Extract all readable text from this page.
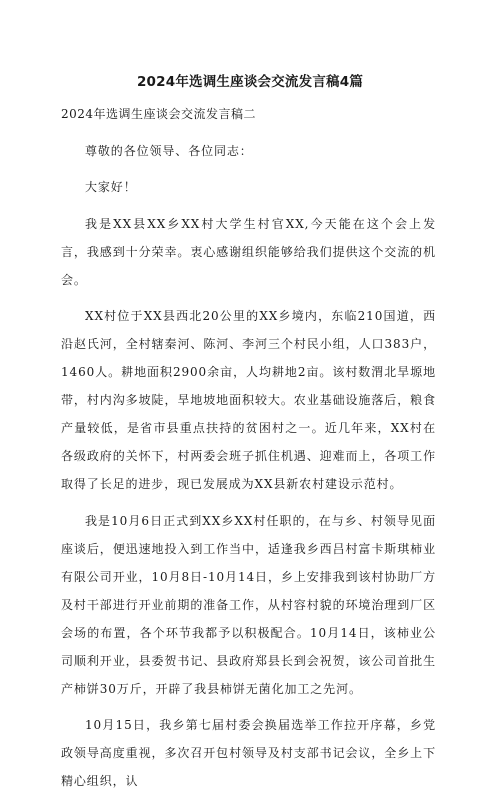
2024年选调生座谈会交流发言稿4篇

2024年选调生座谈会交流发言稿二

尊敬的各位领导、各位同志：

大家好！

我是XX县XX乡XX村大学生村官XX,今天能在这个会上发言，我感到十分荣幸。衷心感谢组织能够给我们提供这个交流的机会。

XX村位于XX县西北20公里的XX乡境内，东临210国道，西沿赵氏河，全村辖秦河、陈河、李河三个村民小组，人口383户，1460人。耕地面积2900余亩，人均耕地2亩。该村数渭北旱塬地带，村内沟多坡陡，旱地坡地面积较大。农业基础设施落后，粮食产量较低，是省市县重点扶持的贫困村之一。近几年来，XX村在各级政府的关怀下，村两委会班子抓住机遇、迎难而上，各项工作取得了长足的进步，现已发展成为XX县新农村建设示范村。

我是10月6日正式到XX乡XX村任职的，在与乡、村领导见面座谈后，便迅速地投入到工作当中，适逢我乡西吕村富卡斯琪柿业有限公司开业，10月8日-10月14日，乡上安排我到该村协助厂方及村干部进行开业前期的准备工作，从村容村貌的环境治理到厂区会场的布置，各个环节我都予以积极配合。10月14日，该柿业公司顺利开业，县委贺书记、县政府郑县长到会祝贺，该公司首批生产柿饼30万斤，开辟了我县柿饼无菌化加工之先河。

10月15日，我乡第七届村委会换届选举工作拉开序幕，乡党政领导高度重视，多次召开包村领导及村支部书记会议，全乡上下精心组织，认
